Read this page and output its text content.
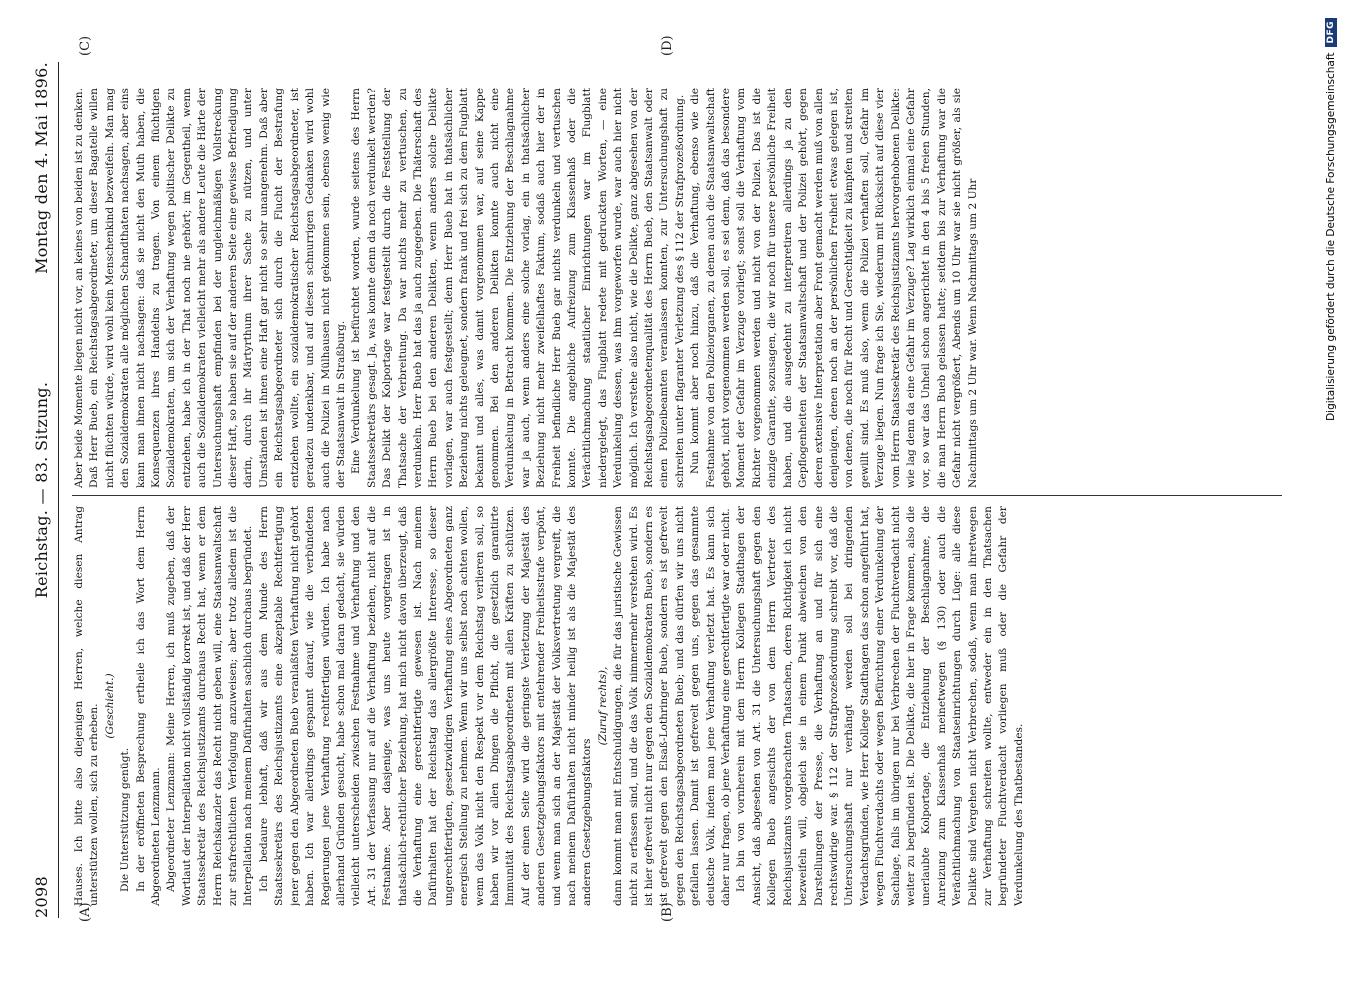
2098
Reichstag. — 83. Sitzung.
Montag den 4. Mai 1896.
(A)	(B)
(C)	(D)

Hauses. Ich bitte also diejenigen Herren, welche diesen Antrag unterstützen wollen, sich zu erheben. (Geschieht.)

Die Unterstützung genügt. In der eröffneten Besprechung ertheile ich das Wort dem Herrn Abgeordneten Lenzmann. Abgeordneter Lenzmann: Meine Herren, ich muß zugeben, daß der Wortlaut der Interpellation nicht vollständig korrekt ist, und daß der Herr Staatssekretär des Reichsjustizamts durchaus Recht hat, wenn er dem Herrn Reichskanzler das Recht nicht geben will, eine Staatsanwaltschaft zur strafrechtlichen Verfolgung anzuweisen; aber trotz alledem ist die Interpellation nach meinem Dafürhalten sachlich durchaus begründet. Ich bedaure lebhaft, daß wir aus dem Munde des Herrn Staatssekretärs des Reichsjustizamts eine akzeptable Rechtfertigung jener gegen den Abgeordneten Bueb veranlaßten Verhaftung nicht gehört haben. Ich war allerdings gespannt darauf, wie die verbündeten Regierungen jene Verhaftung rechtfertigen würden. Ich habe nach allerhand Gründen gesucht, habe schon mal daran gedacht, sie würden vielleicht unterscheiden zwischen Festnahme und Verhaftung und den Art. 31 der Verfassung nur auf die Verhaftung beziehen, nicht auf die Festnahme. Aber dasjenige, was uns heute vorgetragen ist in thatsächlich-rechtlicher Beziehung, hat mich nicht davon überzeugt, daß die Verhaftung eine gerechtfertigte gewesen ist. Nach meinem Dafürhalten hat der Reichstag das allergrößte Interesse, so dieser ungerechtfertigten, gesetzwidrigen Verhaftung eines Abgeordneten ganz energisch Stellung zu nehmen. Wenn wir uns selbst noch achten wollen, wenn das Volk nicht den Respekt vor dem Reichstag verlieren soll, so haben wir vor allen Dingen die Pflicht, die gesetzlich garantirte Immunität des Reichstagsabgeordneten mit allen Kräften zu schützen. Auf der einen Seite wird die geringste Verletzung der Majestät des anderen Gesetzgebungsfaktors mit entehrender Freiheitsstrafe verpönt, und wenn man sich an der Majestät der Volksvertretung vergreift, die nach meinem Dafürhalten nicht minder heilig ist als die Majestät des anderen Gesetzgebungsfaktors

(Zuruf rechts), dann kommt man mit Entschuldigungen, die für das juristische Gewissen nicht zu erfassen sind, und die das Volk nimmermehr verstehen wird. Es ist hier gefrevelt nicht nur gegen den Sozialdemokraten Bueb, sondern es ist gefrevelt gegen den Elsaß-Lothringer Bueb, sondern es ist gefrevelt gegen den Reichstagsabgeordneten Bueb; und das dürfen wir uns nicht gefallen lassen. Damit ist gefrevelt gegen uns, gegen das gesammte deutsche Volk, indem man jene Verhaftung verletzt hat. Es kann sich daher nur fragen, ob jene Verhaftung eine gerechtfertigte war oder nicht. Ich bin von vornherein mit dem Herrn Kollegen Stadthagen der Ansicht, daß abgesehen von Art. 31 die Untersuchungshaft gegen den Kollegen Bueb angesichts der von dem Herrn Vertreter des Reichsjustizamts vorgebrachten Thatsachen, deren Richtigkeit ich nicht bezweifeln will, obgleich sie in einem Punkt abweichen von den Darstellungen der Presse, die Verhaftung an und für sich eine rechtswidrige war. § 112 der Strafprozeßordnung schreibt vor, daß die Untersuchungshaft nur verhängt werden soll bei dringenden Verdachtsgründen, wie Herr Kollege Stadthagen das schon angeführt hat, wegen Fluchtverdachts oder wegen Befürchtung einer Verdunkelung der Sachlage, falls im übrigen nur bei Verbrechen der Fluchtverdacht nicht weiter zu begründen ist. Die Delikte, die hier in Frage kommen, also die unerlaubte Kolportage, die Entziehung der Beschlagnahme, die Anreizung zum Klassenhaß meinetwegen (§ 130) oder auch die Verächtlichmachung von Staatseinrichtungen durch Lüge: alle diese Delikte sind Vergehen nicht Verbrechen, sodaß, wenn man ihretwegen zur Verhaftung schreiten wollte, entweder ein in den Thatsachen begründeter Fluchtverdacht vorliegen muß oder die Gefahr der Verdunkelung des Thatbestandes.

Aber beide Momente liegen nicht vor, an keines von beiden ist zu denken. Daß Herr Bueb, ein Reichstagsabgeordneter, um dieser Bagatelle willen nicht flüchten würde, wird wohl kein Menschenkind bezweifeln. Man mag den Sozialdemokraten alle möglichen Schandthaten nachsagen, aber eins kann man ihnen nicht nachsagen: daß sie nicht den Muth haben, die Konsequenzen ihres Handelns zu tragen. Von einem flüchtigen Sozialdemokraten, um sich der Verhaftung wegen politischer Delikte zu entziehen, habe ich in der That noch nie gehört; im Gegentheil, wenn auch die Sozialdemokraten vielleicht mehr als andere Leute die Härte der Untersuchungshaft empfinden bei der ungleichmäßigen Vollstreckung dieser Haft, so haben sie auf der anderen Seite eine gewisse Befriedigung darin, durch ihr Märtyrthum ihrer Sache zu nützen, und unter Umständen ist ihnen eine Haft gar nicht so sehr unangenehm. Daß aber ein Reichstagsabgeordneter sich durch die Flucht der Bestrafung entziehen wollte, ein sozialdemokratischer Reichstagsabgeordneter, ist geradezu undenkbar, und auf diesen schnurrigen Gedanken wird wohl auch die Polizei in Mülhausen nicht gekommen sein, ebenso wenig wie der Staatsanwalt in Straßburg. Eine Verdunkelung ist befürchtet worden, wurde seitens des Herrn Staatssekretärs gesagt. Ja, was konnte denn da noch verdunkelt werden? Das Delikt der Kolportage war festgestellt durch die Feststellung der Thatsache der Verbreitung. Da war nichts mehr zu vertuschen, zu verdunkeln. Herr Bueb hat das ja auch zugegeben. Die Thäterschaft des Herrn Bueb bei den anderen Delikten, wenn anders solche Delikte vorlagen, war auch festgestellt; denn Herr Bueb hat in thatsächlicher Beziehung nichts geleugnet, sondern frank und frei sich zu dem Flugblatt bekannt und alles, was damit vorgenommen war, auf seine Kappe genommen. Bei den anderen Delikten konnte auch nicht eine Verdunkelung in Betracht kommen. Die Entziehung der Beschlagnahme war ja auch, wenn anders eine solche vorlag, ein in thatsächlicher Beziehung nicht mehr zweifelhaftes Faktum, sodaß auch hier der in Freiheit befindliche Herr Bueb gar nichts verdunkeln und vertuschen konnte. Die angebliche Aufreizung zum Klassenhaß oder die Verächtlichmachung staatlicher Einrichtungen war im Flugblatt niedergelegt, das Flugblatt redete mit gedruckten Worten, — eine Verdunkelung dessen, was ihm vorgeworfen wurde, war auch hier nicht möglich. Ich verstehe also nicht, wie die Delikte, ganz abgesehen von der Reichstagsabgeordnetenqualität des Herrn Bueb, den Staatsanwalt oder einen Polizeibeamten veranlassen konnten, zur Untersuchungshaft zu schreiten unter flagranter Verletzung des § 112 der Strafprozeßordnung. Nun kommt aber noch hinzu, daß die Verhaftung, ebenso wie die Festnahme von den Polizeiorganen, zu denen auch die Staatsanwaltschaft gehört, nicht vorgenommen werden soll, es sei denn, daß das besondere Moment der Gefahr im Verzuge vorliegt; sonst soll die Verhaftung vom Richter vorgenommen werden und nicht von der Polizei. Das ist die einzige Garantie, sozusagen, die wir noch für unsere persönliche Freiheit haben, und die ausgedehnt zu interpretiren allerdings ja zu den Gepflogenheiten der Staatsanwaltschaft und der Polizei gehört, gegen deren extensive Interpretation aber Front gemacht werden muß von allen denjenigen, denen noch an der persönlichen Freiheit etwas gelegen ist, von denen, die noch für Recht und Gerechtigkeit zu kämpfen und streiten gewillt sind. Es muß also, wenn die Polizei verhaften soll, Gefahr im Verzuge liegen. Nun frage ich Sie, wiederum mit Rücksicht auf diese vier vom Herrn Staatssekretär des Reichsjustizamts hervorgehobenen Delikte: wie lag denn da eine Gefahr im Verzuge? Lag wirklich einmal eine Gefahr vor, so war das Unheil schon angerichtet in den 4 bis 5 freien Stunden, die man Herrn Bueb gelassen hatte; seitdem bis zur Verhaftung war die Gefahr nicht vergrößert, Abends um 10 Uhr war sie nicht größer, als sie Nachmittags um 2 Uhr war. Wenn Nachmittags um 2 Uhr	Digitalisierung gefördert durch die Deutsche Forschungsgemeinschaft
DFG
